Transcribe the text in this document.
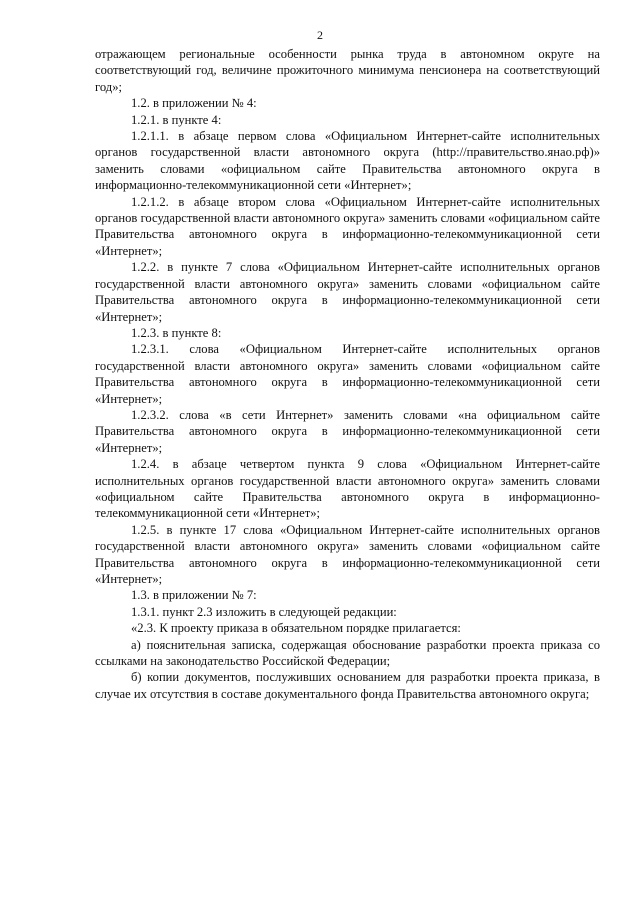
2

отражающем региональные особенности рынка труда в автономном округе на соответствующий год, величине прожиточного минимума пенсионера на соответствующий год»;

1.2. в приложении № 4:

1.2.1. в пункте 4:

1.2.1.1. в абзаце первом слова «Официальном Интернет-сайте исполнительных органов государственной власти автономного округа (http://правительство.янао.рф)» заменить словами «официальном сайте Правительства автономного округа в информационно-телекоммуникационной сети «Интернет»;

1.2.1.2. в абзаце втором слова «Официальном Интернет-сайте исполнительных органов государственной власти автономного округа» заменить словами «официальном сайте Правительства автономного округа в информационно-телекоммуникационной сети «Интернет»;

1.2.2. в пункте 7 слова «Официальном Интернет-сайте исполнительных органов государственной власти автономного округа» заменить словами «официальном сайте Правительства автономного округа в информационно-телекоммуникационной сети «Интернет»;

1.2.3. в пункте 8:

1.2.3.1. слова «Официальном Интернет-сайте исполнительных органов государственной власти автономного округа» заменить словами «официальном сайте Правительства автономного округа в информационно-телекоммуникационной сети «Интернет»;

1.2.3.2. слова «в сети Интернет» заменить словами «на официальном сайте Правительства автономного округа в информационно-телекоммуникационной сети «Интернет»;

1.2.4. в абзаце четвертом пункта 9 слова «Официальном Интернет-сайте исполнительных органов государственной власти автономного округа» заменить словами «официальном сайте Правительства автономного округа в информационно-телекоммуникационной сети «Интернет»;

1.2.5. в пункте 17 слова «Официальном Интернет-сайте исполнительных органов государственной власти автономного округа» заменить словами «официальном сайте Правительства автономного округа в информационно-телекоммуникационной сети «Интернет»;

1.3. в приложении № 7:

1.3.1. пункт 2.3 изложить в следующей редакции:

«2.3. К проекту приказа в обязательном порядке прилагается:

а) пояснительная записка, содержащая обоснование разработки проекта приказа со ссылками на законодательство Российской Федерации;

б) копии документов, послуживших основанием для разработки проекта приказа, в случае их отсутствия в составе документального фонда Правительства автономного округа;
